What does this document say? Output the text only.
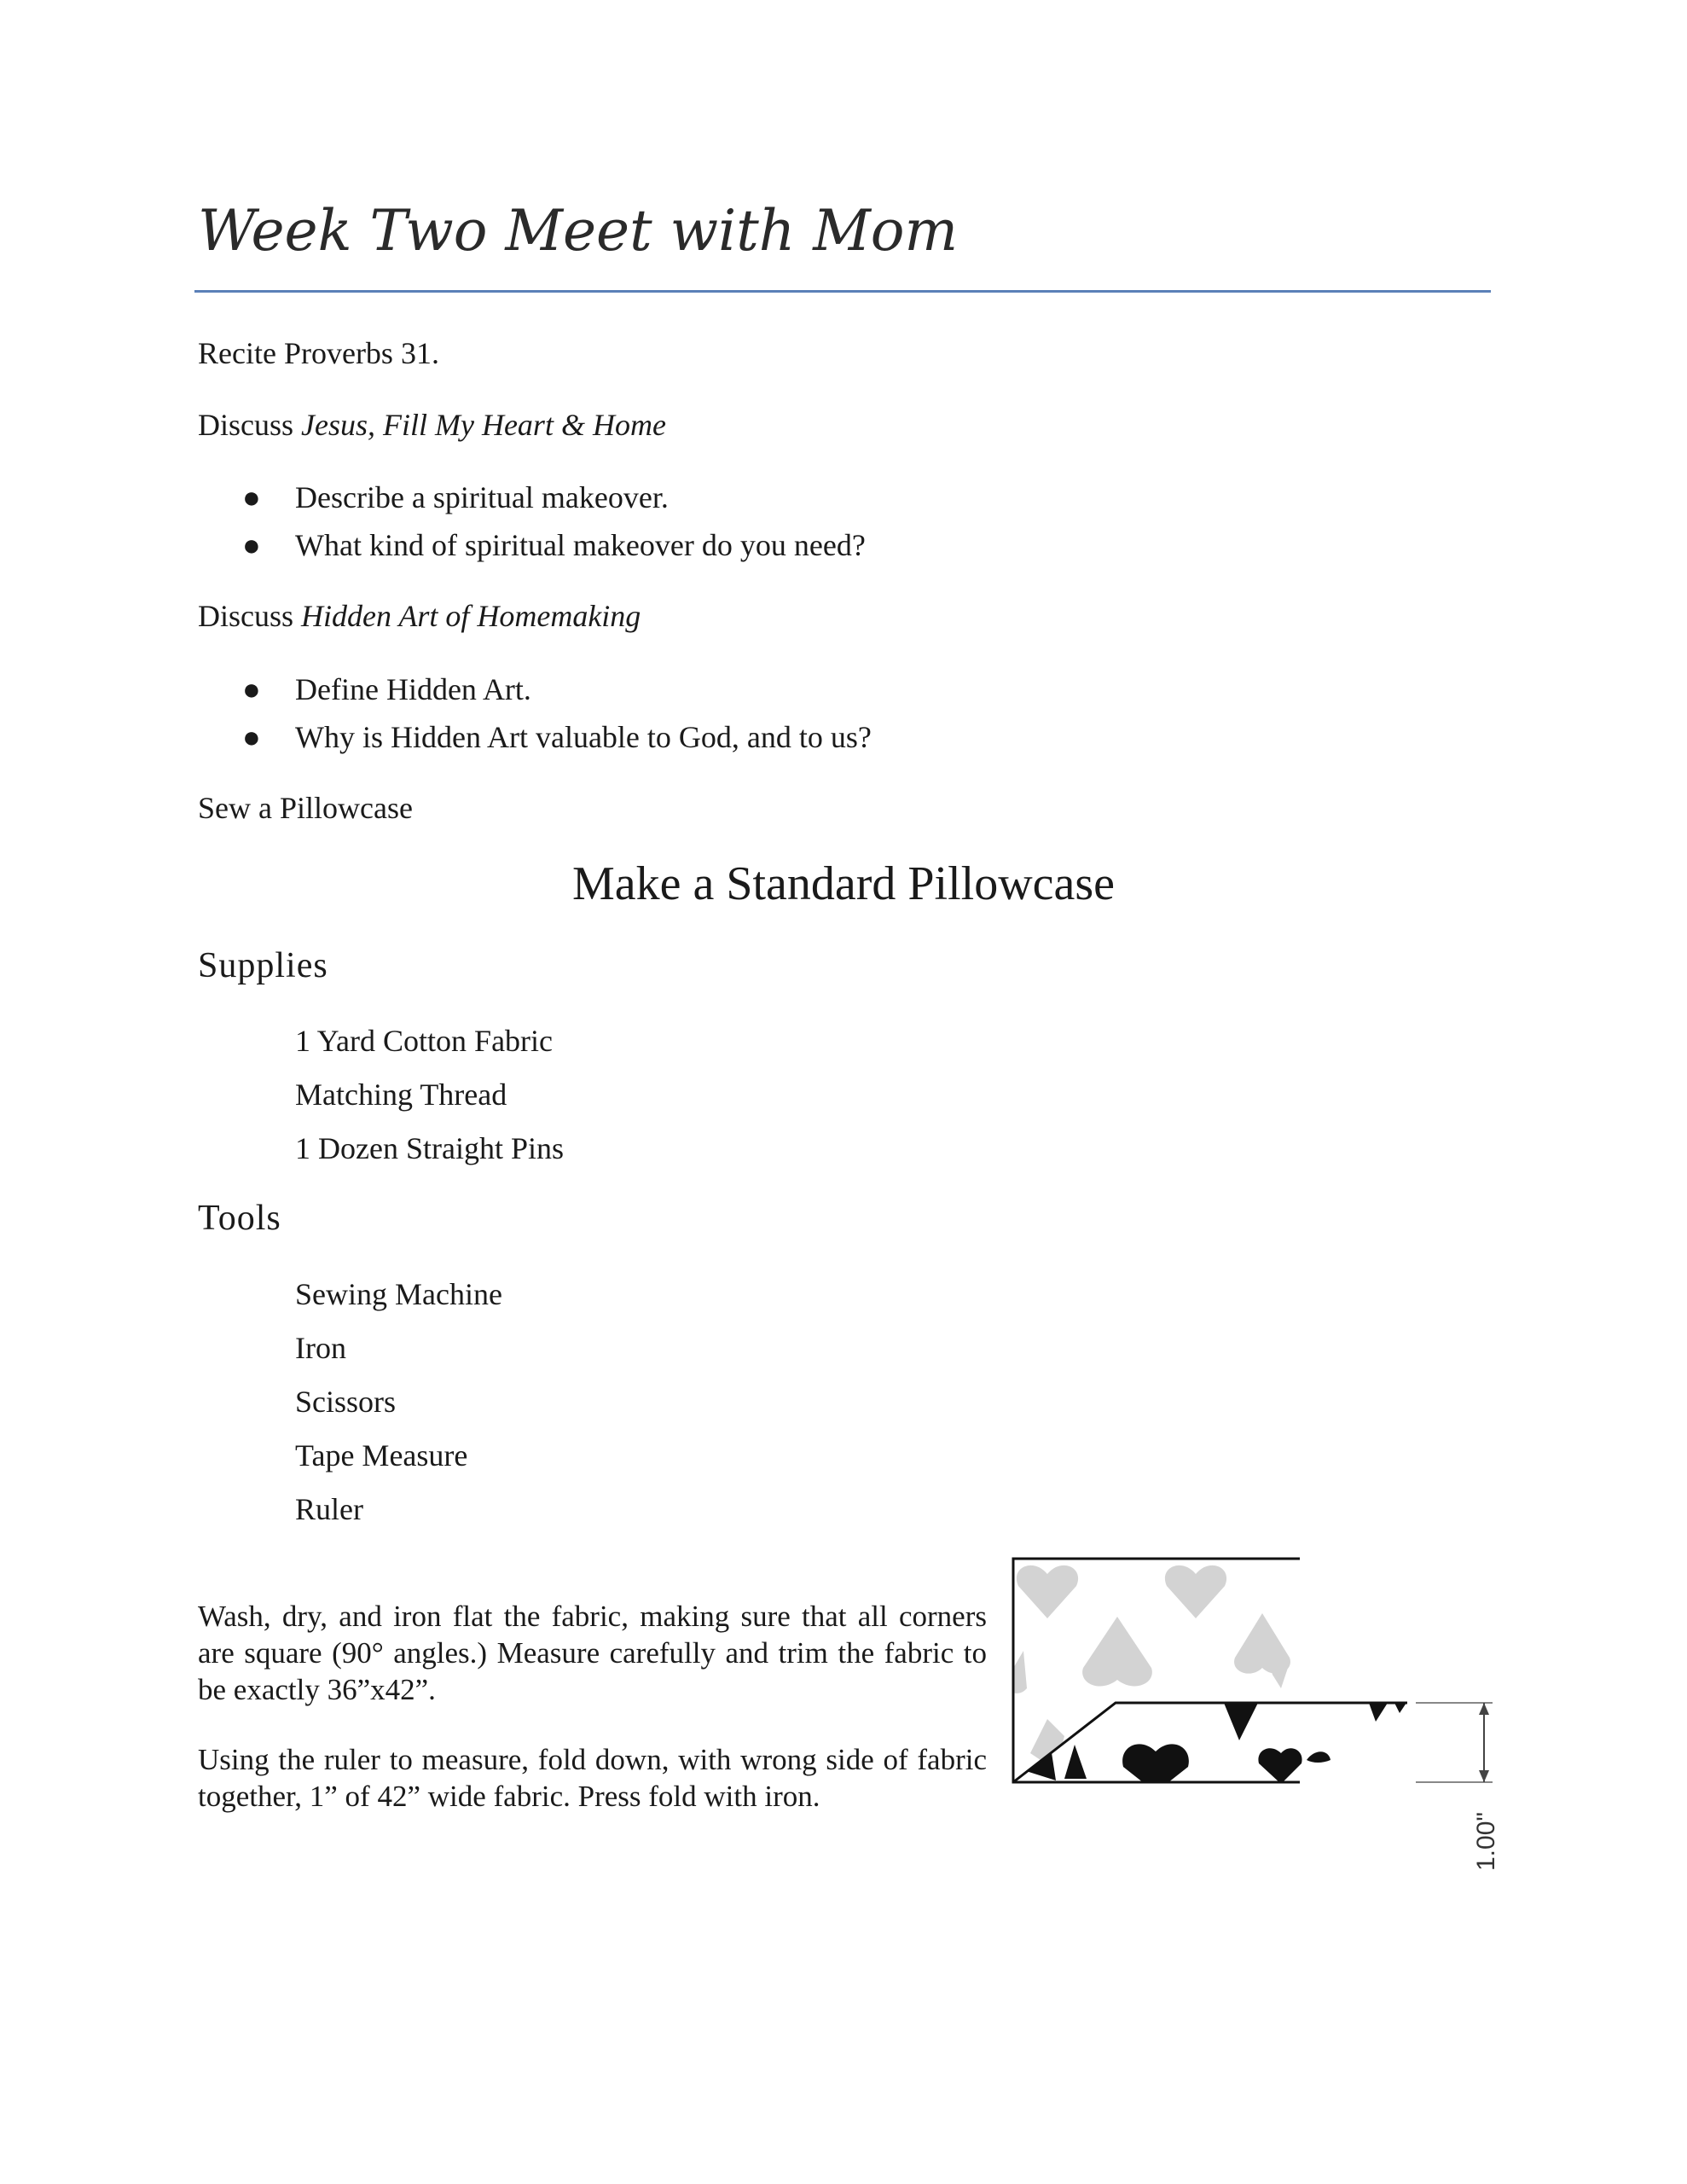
Week Two Meet with Mom
Recite Proverbs 31.
Discuss Jesus, Fill My Heart & Home
● Describe a spiritual makeover.
● What kind of spiritual makeover do you need?
Discuss Hidden Art of Homemaking
● Define Hidden Art.
● Why is Hidden Art valuable to God, and to us?
Sew a Pillowcase
Make a Standard Pillowcase
Supplies
1 Yard Cotton Fabric
Matching Thread
1 Dozen Straight Pins
Tools
Sewing Machine
Iron
Scissors
Tape Measure
Ruler
Wash, dry, and iron flat the fabric, making sure that all corners are square (90° angles.) Measure carefully and trim the fabric to be exactly 36”x42”.
Using the ruler to measure, fold down, with wrong side of fabric together, 1” of 42” wide fabric. Press fold with iron.
1.00"
